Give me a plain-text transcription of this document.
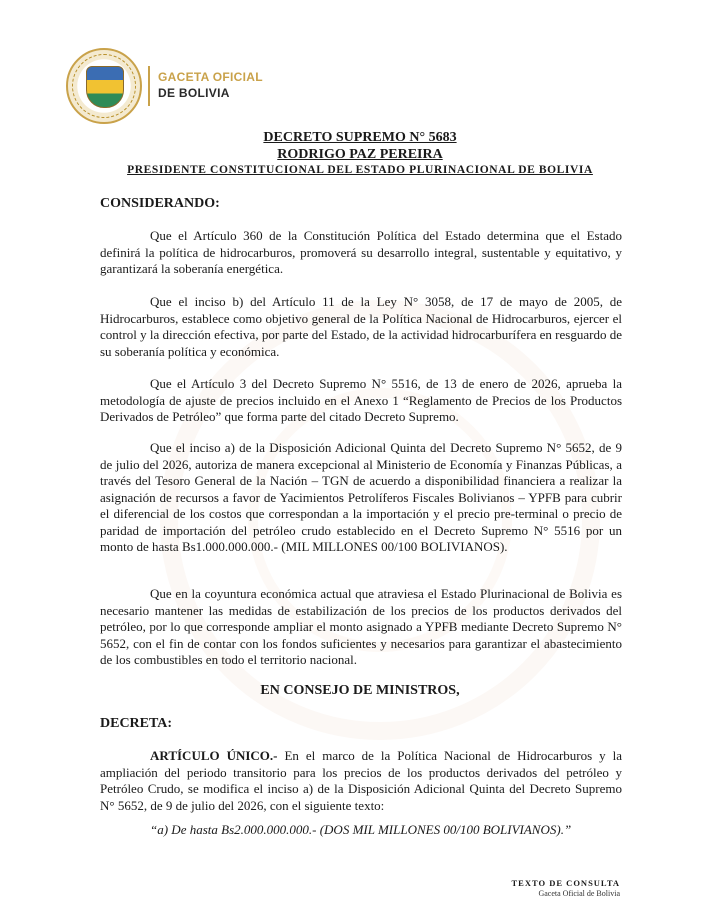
GACETA OFICIAL
DE BOLIVIA
DECRETO SUPREMO N° 5683
RODRIGO PAZ PEREIRA
PRESIDENTE CONSTITUCIONAL DEL ESTADO PLURINACIONAL DE BOLIVIA
CONSIDERANDO:
Que el Artículo 360 de la Constitución Política del Estado determina que el Estado definirá la política de hidrocarburos, promoverá su desarrollo integral, sustentable y equitativo, y garantizará la soberanía energética.
Que el inciso b) del Artículo 11 de la Ley N° 3058, de 17 de mayo de 2005, de Hidrocarburos, establece como objetivo general de la Política Nacional de Hidrocarburos, ejercer el control y la dirección efectiva, por parte del Estado, de la actividad hidrocarburífera en resguardo de su soberanía política y económica.
Que el Artículo 3 del Decreto Supremo N° 5516, de 13 de enero de 2026, aprueba la metodología de ajuste de precios incluido en el Anexo 1 “Reglamento de Precios de los Productos Derivados de Petróleo” que forma parte del citado Decreto Supremo.
Que el inciso a) de la Disposición Adicional Quinta del Decreto Supremo N° 5652, de 9 de julio del 2026, autoriza de manera excepcional al Ministerio de Economía y Finanzas Públicas, a través del Tesoro General de la Nación – TGN de acuerdo a disponibilidad financiera a realizar la asignación de recursos a favor de Yacimientos Petrolíferos Fiscales Bolivianos – YPFB para cubrir el diferencial de los costos que correspondan a la importación y el precio pre-terminal o precio de paridad de importación del petróleo crudo establecido en el Decreto Supremo N° 5516 por un monto de hasta Bs1.000.000.000.- (MIL MILLONES 00/100 BOLIVIANOS).
Que en la coyuntura económica actual que atraviesa el Estado Plurinacional de Bolivia es necesario mantener las medidas de estabilización de los precios de los productos derivados del petróleo, por lo que corresponde ampliar el monto asignado a YPFB mediante Decreto Supremo N° 5652, con el fin de contar con los fondos suficientes y necesarios para garantizar el abastecimiento de los combustibles en todo el territorio nacional.
EN CONSEJO DE MINISTROS,
DECRETA:
ARTÍCULO ÚNICO.- En el marco de la Política Nacional de Hidrocarburos y la ampliación del periodo transitorio para los precios de los productos derivados del petróleo y Petróleo Crudo, se modifica el inciso a) de la Disposición Adicional Quinta del Decreto Supremo N° 5652, de 9 de julio del 2026, con el siguiente texto:
“a) De hasta Bs2.000.000.000.- (DOS MIL MILLONES 00/100 BOLIVIANOS).”
TEXTO DE CONSULTA
Gaceta Oficial de Bolivia
